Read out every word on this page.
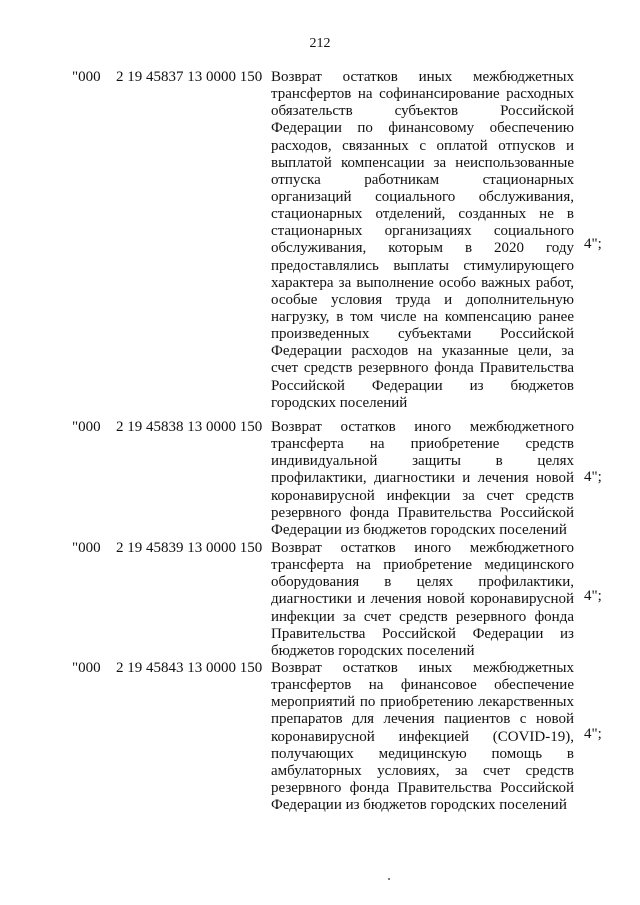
212
"000 2 19 45837 13 0000 150 Возврат остатков иных межбюджетных
трансфертов на софинансирование расходных
обязательств субъектов Российской
Федерации по финансовому обеспечению
расходов, связанных с оплатой отпусков и
выплатой компенсации за неиспользованные
отпуска работникам стационарных
организаций социального обслуживания,
стационарных отделений, созданных не в
стационарных организациях социального
обслуживания, которым в 2020 году
предоставлялись выплаты стимулирующего
характера за выполнение особо важных работ,
особые условия труда и дополнительную
нагрузку, в том числе на компенсацию ранее
произведенных субъектами Российской
Федерации расходов на указанные цели, за
счет средств резервного фонда Правительства
Российской Федерации из бюджетов
городских поселений
4";
"000 2 19 45838 13 0000 150 Возврат остатков иного межбюджетного
трансферта на приобретение средств
индивидуальной защиты в целях
профилактики, диагностики и лечения новой
коронавирусной инфекции за счет средств
резервного фонда Правительства Российской
Федерации из бюджетов городских поселений
4";
"000 2 19 45839 13 0000 150 Возврат остатков иного межбюджетного
трансферта на приобретение медицинского
оборудования в целях профилактики,
диагностики и лечения новой коронавирусной
инфекции за счет средств резервного фонда
Правительства Российской Федерации из
бюджетов городских поселений
4";
"000 2 19 45843 13 0000 150 Возврат остатков иных межбюджетных
трансфертов на финансовое обеспечение
мероприятий по приобретению лекарственных
препаратов для лечения пациентов с новой
коронавирусной инфекцией (COVID-19),
получающих медицинскую помощь в
амбулаторных условиях, за счет средств
резервного фонда Правительства Российской
Федерации из бюджетов городских поселений
4";
